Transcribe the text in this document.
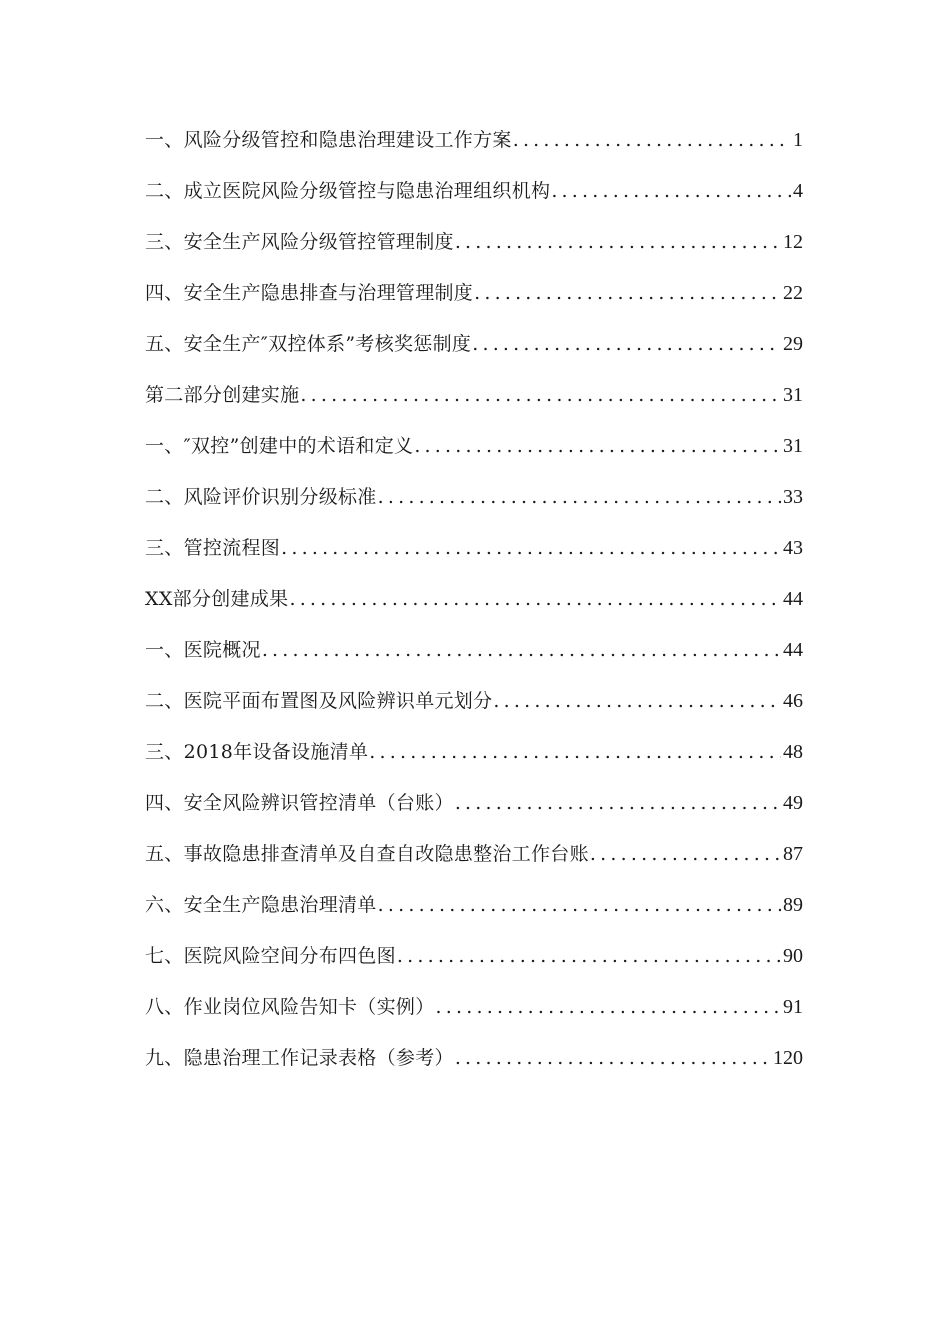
一、风险分级管控和隐患治理建设工作方案 .....	1
二、成立医院风险分级管控与隐患治理组织机构 .....	4
三、安全生产风险分级管控管理制度 .....	12
四、安全生产隐患排查与治理管理制度 .....	22
五、安全生产″双控体系”考核奖惩制度 .....	29
第二部分创建实施 .....	31
一、″双控”创建中的术语和定义 .....	31
二、风险评价识别分级标准 .....	33
三、管控流程图 .....	43
XX部分创建成果 .....	44
一、医院概况 .....	44
二、医院平面布置图及风险辨识单元划分 .....	46
三、2018年设备设施清单 .....	48
四、安全风险辨识管控清单（台账） .....	49
五、事故隐患排查清单及自查自改隐患整治工作台账 .....	87
六、安全生产隐患治理清单 .....	89
七、医院风险空间分布四色图 .....	90
八、作业岗位风险告知卡（实例） .....	91
九、隐患治理工作记录表格（参考） .....	120
